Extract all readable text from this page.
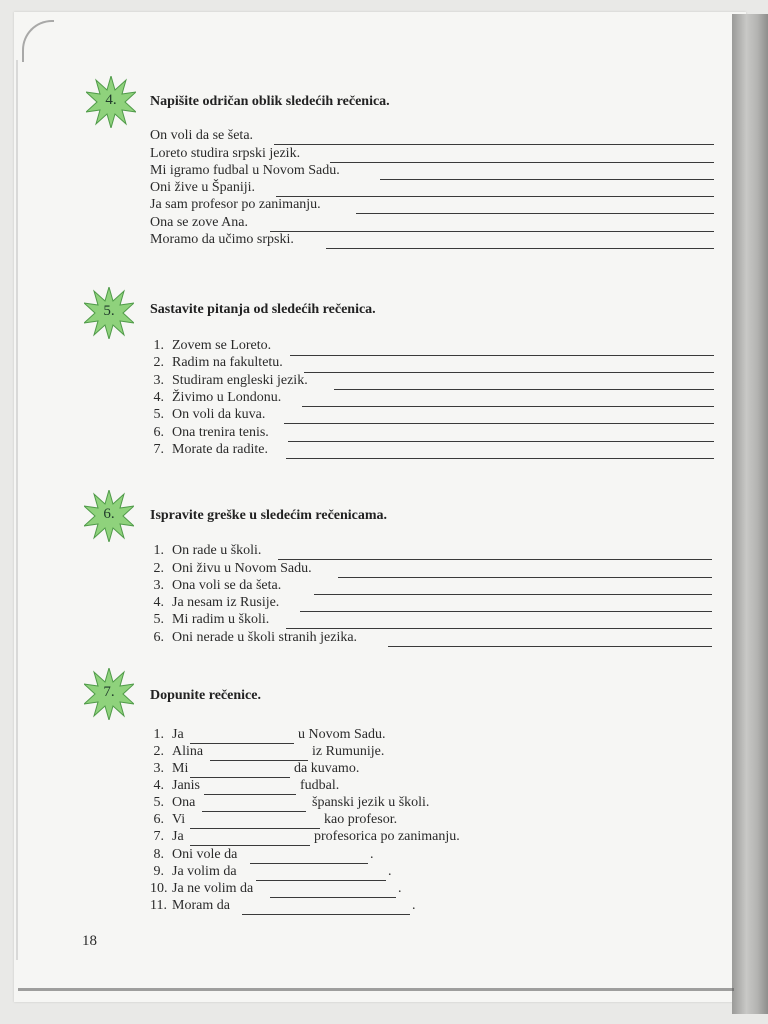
4.	Napišite odričan oblik sledećih rečenica.
On voli da se šeta.
Loreto studira srpski jezik.
Mi igramo fudbal u Novom Sadu.
Oni žive u Španiji.
Ja sam profesor po zanimanju.
Ona se zove Ana.
Moramo da učimo srpski.
5.	Sastavite pitanja od sledećih rečenica.
1. Zovem se Loreto.
2. Radim na fakultetu.
3. Studiram engleski jezik.
4. Živimo u Londonu.
5. On voli da kuva.
6. Ona trenira tenis.
7. Morate da radite.
6.	Ispravite greške u sledećim rečenicama.
1. On rade u školi.
2. Oni živu u Novom Sadu.
3. Ona voli se da šeta.
4. Ja nesam iz Rusije.
5. Mi radim u školi.
6. Oni nerade u školi stranih jezika.
7.	Dopunite rečenice.
1. Ja	u Novom Sadu.
2. Alina	iz Rumunije.
3. Mi	da kuvamo.
4. Janis	fudbal.
5. Ona	španski jezik u školi.
6. Vi	kao profesor.
7. Ja	profesorica po zanimanju.
8. Oni vole da	.
9. Ja volim da	.
10. Ja ne volim da	.
11. Moram da	.
18
